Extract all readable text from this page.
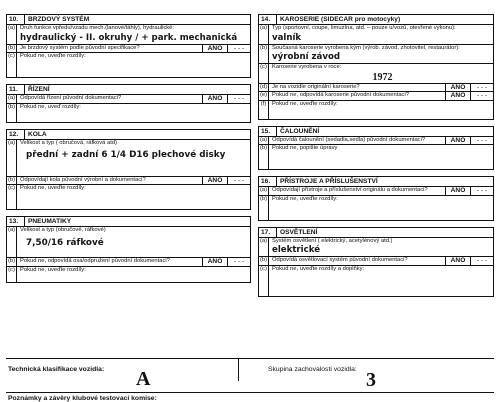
10.	BRZDOVÝ SYSTÉM
(a) Druh funkce vpředu/vzadu mech.(lanové/táhly), hydraulické:
hydraulický - II. okruhy / + park. mechanická
(b) Je brzdový systém podle původní specifikace?	ANO	- - -
(c) Pokud ne, uveďte rozdíly:
11.	ŘÍZENÍ
(a) Odpovídá řízení původní dokumentaci?	ANO	- - -
(b) Pokud ne, uveď rozdíly:
12.	KOLA
(a) Velikost a typ ( obručová, ráfková atd)
přední + zadní 6 1/4 D16 plechové disky
(b) Odpovídají kola původní výrobní a dokumentaci?	ANO	- - -
(c) Pokud ne, uveďte rozdíly:
13.	PNEUMATIKY
(a) Velikost a typ (obručové, ráfkové)
7,50/16 ráfkové
(b) Pokud ne, odpovídá osa/odpružení původní dokumentaci?	ANO	- - -
(c) Pokud ne, uveďte rozdíly:
14.	KAROSERIE (SIDECAR pro motocyky)
(a) Typ (sportovní, coupe, limuzína, atd. – pouze u/vozů, otevřené vykonu):
valník
(b) Současná karoserie vyrobena kým (výrob. závod, zhotovitel, restaurátor):
výrobní závod
(c) Karoserie vyrobena v roce:
1972
(d) Je na vozidle originální karoserie?	ANO	- - -
(e) Pokud ne, odpovídá karoserie původní dokumentaci?	ANO	- - -
(f) Pokud ne, uveďte rozdíly:
15.	ČALOUNĚNÍ
(a) Odpovídá čalounění (sedadla,sedla) původní dokumentaci?	ANO	- - -
(b) Pokud ne, popište úpravy
16.	PŘÍSTROJE A PŘÍSLUŠENSTVÍ
(a) Odpovídají přístroje a příslušenství originálu a dokumentaci?	ANO	- - -
(b) Pokud ne, uveďte rozdíly:
17.	OSVĚTLENÍ
(a) Systém osvětlení ( elektrický, acetylénový atd.)
elektrické
(b) Odpovídá osvětlovací systém původní dokumentaci?	ANO	- - -
(c) Pokud ne, uveďte rozdíly a doplňky:
Technická klasifikace vozidla: A	Skupina zachovalosti vozidla: 3
Poznámky a závěry klubové testovací komise:
